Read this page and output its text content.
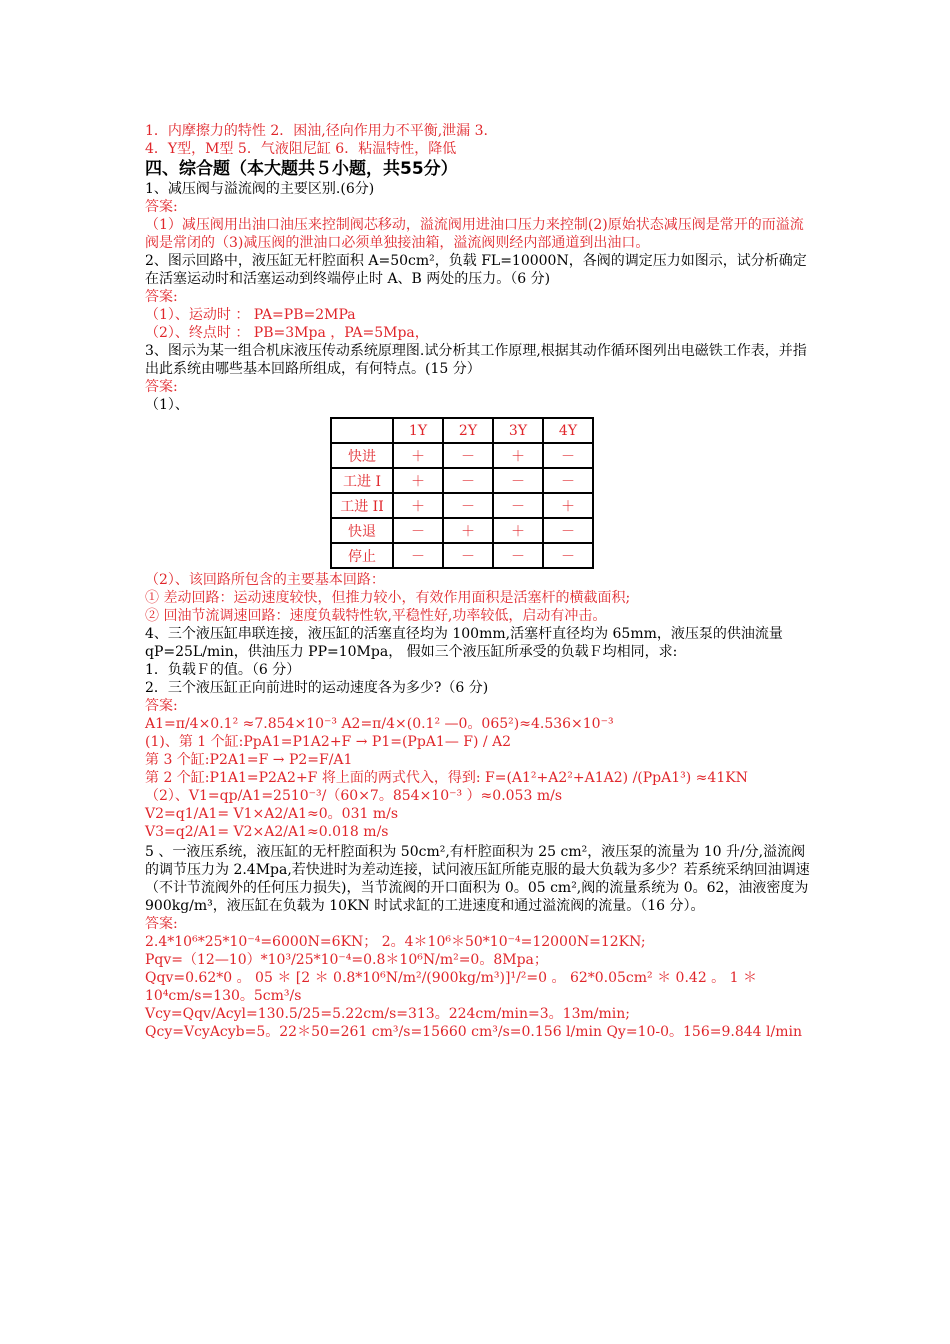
1．内摩擦力的特性 2．困油,径向作用力不平衡,泄漏 3.
4．Y型，M型 5．气液阻尼缸 6．粘温特性，降低
四、综合题（本大题共５小题，共55分）
1、减压阀与溢流阀的主要区别.(6分)
答案:
（1）减压阀用出油口油压来控制阀芯移动，溢流阀用进油口压力来控制(2)原始状态减压阀是常开的而溢流阀是常闭的（3)减压阀的泄油口必须单独接油箱，溢流阀则经内部通道到出油口。
2、图示回路中，液压缸无杆腔面积 A=50cm²，负载 FL=10000N，各阀的调定压力如图示，试分析确定在活塞运动时和活塞运动到终端停止时 A、B 两处的压力。（6 分)
答案:
（1）、运动时 ： PA=PB=2MPa
（2）、终点时 ： PB=3Mpa ，PA=5Mpa，
3、图示为某一组合机床液压传动系统原理图.试分析其工作原理,根据其动作循环图列出电磁铁工作表，并指出此系统由哪些基本回路所组成，有何特点。(15 分）
答案:
（1）、
	1Y	2Y	3Y	4Y
快进	＋	－	＋	－
工进 I	＋	－	－	－
工进 II	＋	－	－	＋
快退	－	＋	＋	－
停止	－	－	－	－
（2）、该回路所包含的主要基本回路：
① 差动回路：运动速度较快，但推力较小，有效作用面积是活塞杆的横截面积;
② 回油节流调速回路：速度负载特性软,平稳性好,功率较低，启动有冲击。
4、三个液压缸串联连接，液压缸的活塞直径均为 100mm,活塞杆直径均为 65mm，液压泵的供油流量 qP=25L/min，供油压力 PP=10Mpa， 假如三个液压缸所承受的负载Ｆ均相同，求:
1．负载Ｆ的值。（6 分）
2．三个液压缸正向前进时的运动速度各为多少?（6 分)
答案:
A1=π/4×0.1² ≈7.854×10⁻³ A2=π/4×(0.1² —0。065²)≈4.536×10⁻³
(1)、第 1 个缸:PpA1=P1A2+F → P1=(PpA1— F) / A2
第 3 个缸:P2A1=F → P2=F/A1
第 2 个缸:P1A1=P2A2+F 将上面的两式代入，得到: F=(A1²+A2²+A1A2) /(PpA1³) ≈41KN
（2）、V1=qp/A1=2510⁻³/（60×7。854×10⁻³ ）≈0.053 m/s
V2=q1/A1= V1×A2/A1≈0。031 m/s
V3=q2/A1= V2×A2/A1≈0.018 m/s
5 、一液压系统，液压缸的无杆腔面积为 50cm²,有杆腔面积为 25 cm²，液压泵的流量为 10 升/分,溢流阀的调节压力为 2.4Mpa,若快进时为差动连接，试问液压缸所能克服的最大负载为多少？若系统采纳回油调速（不计节流阀外的任何压力损失)，当节流阀的开口面积为 0。05 cm²,阀的流量系统为 0。62，油液密度为 900kg/m³，液压缸在负载为 10KN 时试求缸的工进速度和通过溢流阀的流量。（16 分）。
答案:
2.4*10⁶*25*10⁻⁴=6000N=6KN； 2。4＊10⁶＊50*10⁻⁴=12000N=12KN;
Pqv=（12—10）*10³/25*10⁻⁴=0.8＊10⁶N/m²=0。8Mpa；
Qqv=0.62*0 。 05 ＊ [2 ＊ 0.8*10⁶N/m²/(900kg/m³)]¹/²=0 。 62*0.05cm² ＊ 0.42 。 1 ＊ 10⁴cm/s=130。5cm³/s
Vcy=Qqv/Acyl=130.5/25=5.22cm/s=313。224cm/min=3。13m/min;
Qcy=VcyAcyb=5。22＊50=261 cm³/s=15660 cm³/s=0.156 l/min Qy=10-0。156=9.844 l/min
